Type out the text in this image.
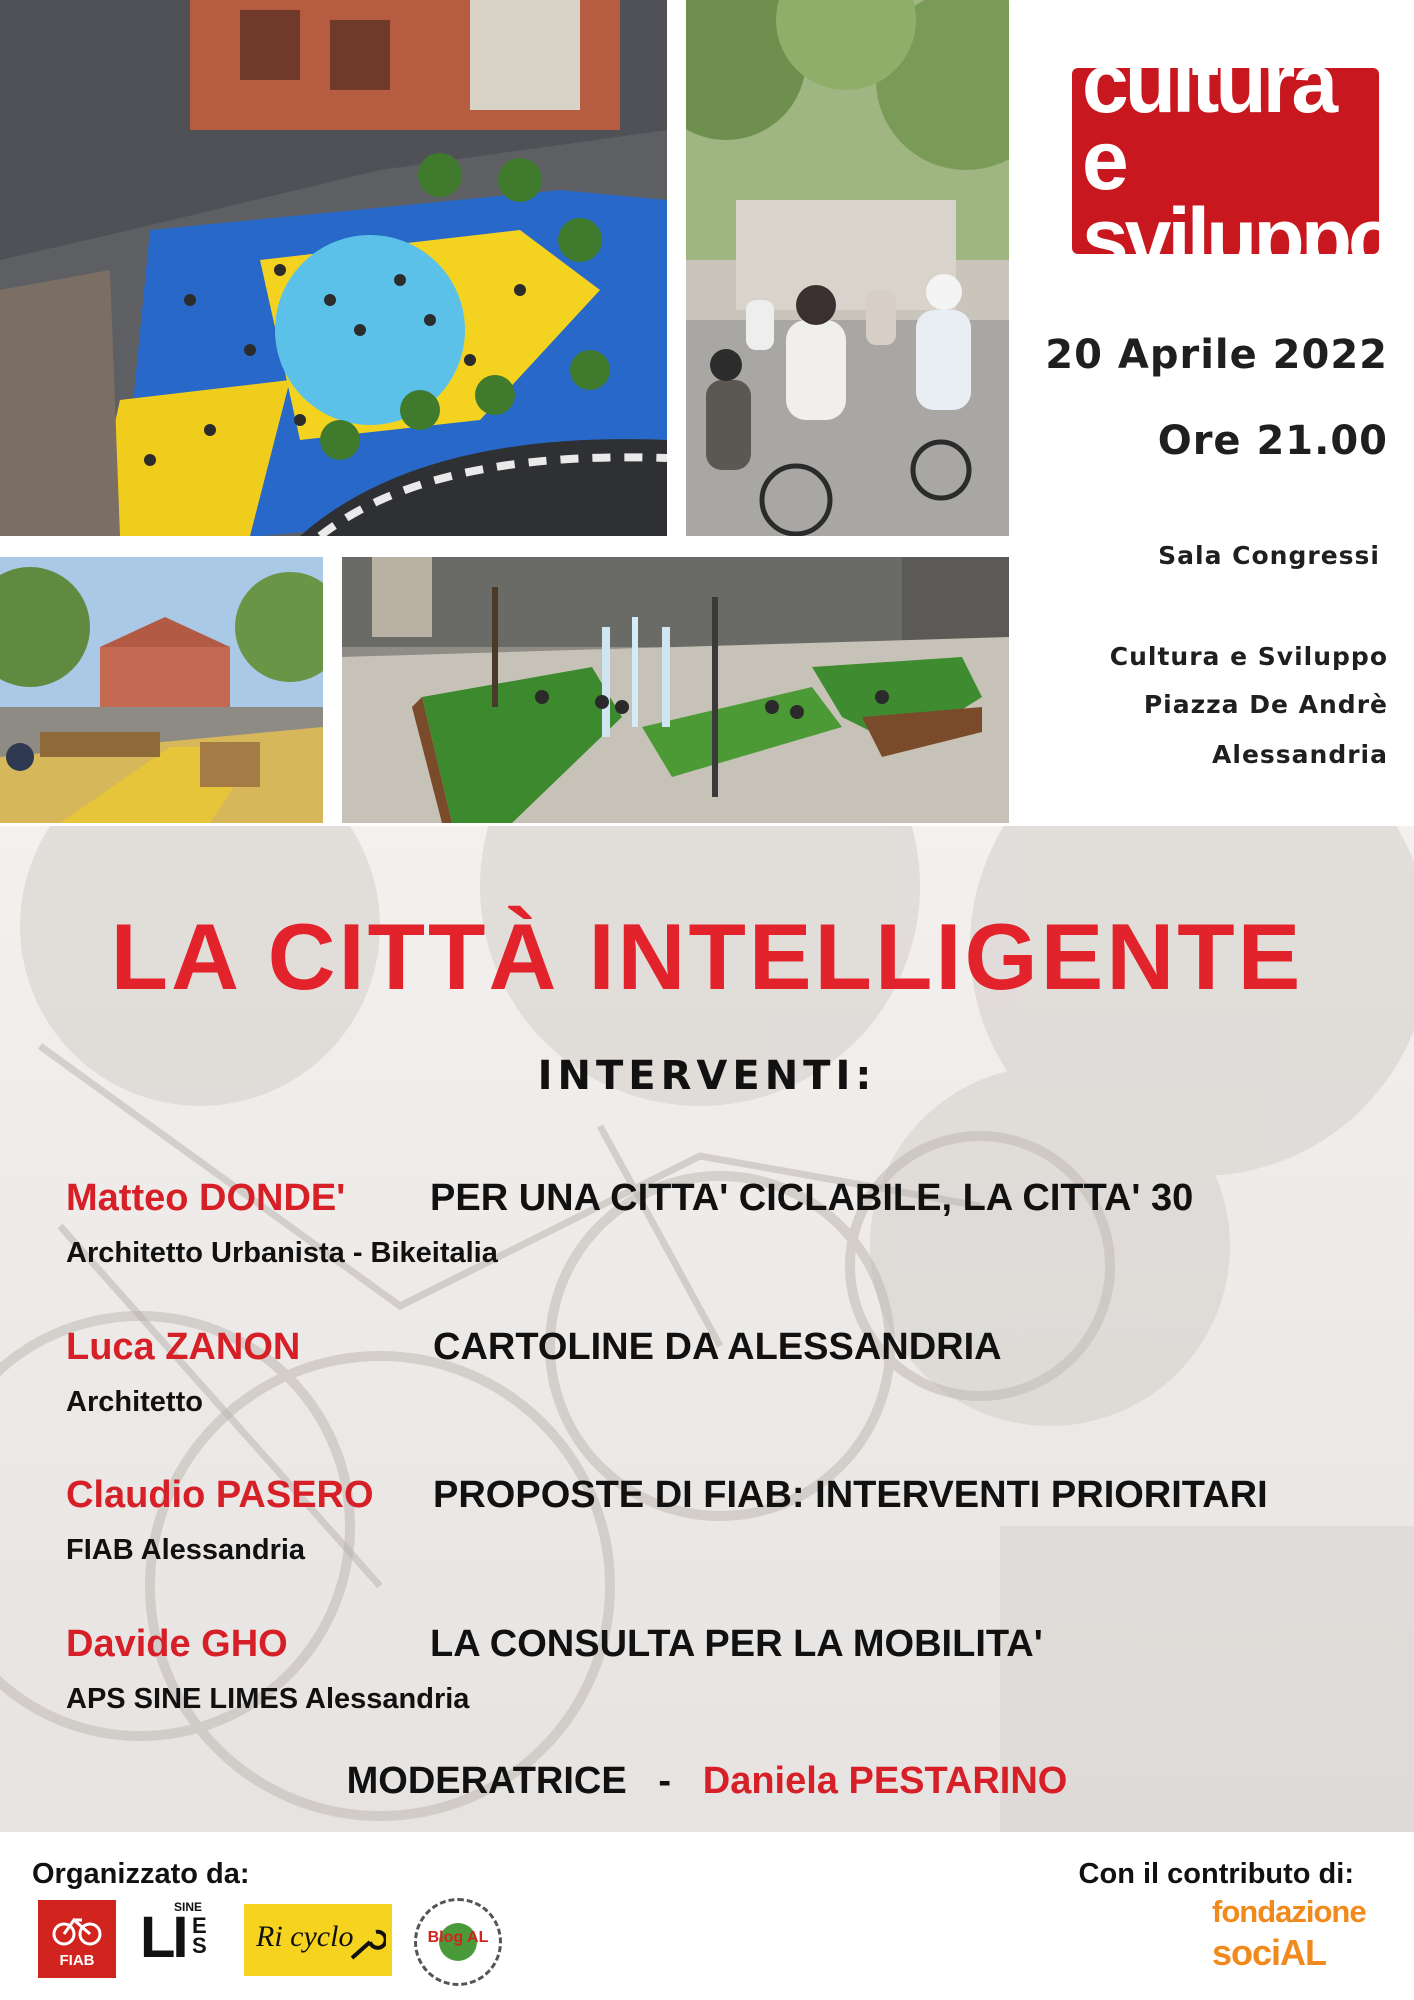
cultura e
sviluppo
20 Aprile 2022
Ore 21.00
Sala Congressi
Cultura e Sviluppo
Piazza De Andrè
Alessandria
LA CITTÀ INTELLIGENTE
INTERVENTI:
Matteo DONDE' PER UNA CITTA' CICLABILE, LA CITTA' 30
Architetto Urbanista - Bikeitalia
Luca ZANON	CARTOLINE DA ALESSANDRIA
Architetto
Claudio PASERO PROPOSTE DI FIAB: INTERVENTI PRIORITARI
FIAB Alessandria
Davide GHO	LA CONSULTA PER LA MOBILITA'
APS SINE LIMES Alessandria
MODERATRICE - Daniela PESTARINO
Organizzato da:	Con il contributo di:
FIAB
SINE
LI ES Ri cyclo	Blog AL
fondazione
sociAL
